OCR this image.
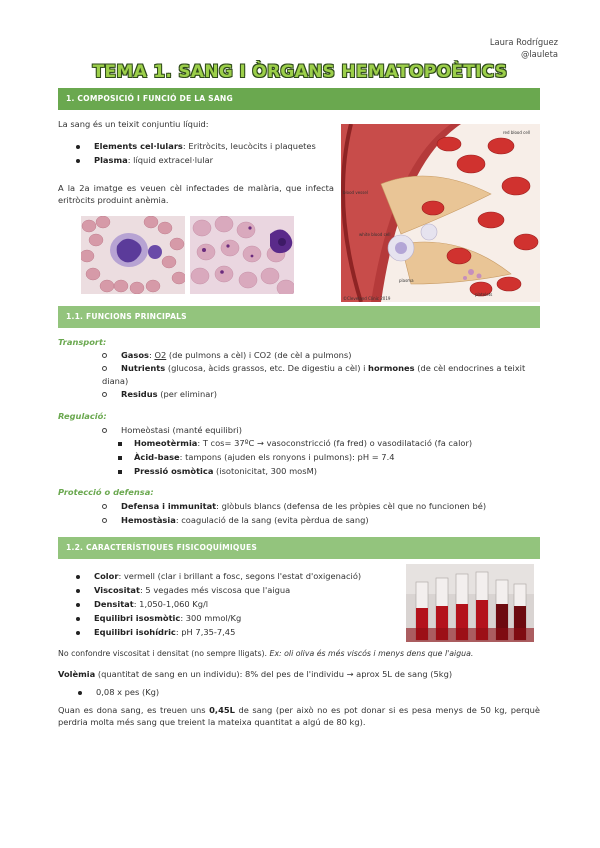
Laura Rodríguez
@lauleta
TEMA 1. SANG I ÒRGANS HEMATOPOÈTICS
1. COMPOSICIÓ I FUNCIÓ DE LA SANG
La sang és un teixit conjuntiu líquid:
Elements cel·lulars: Eritròcits, leucòcits i plaquetes
Plasma: líquid extracel·lular
A la 2a imatge es veuen cèl infectades de malària, que infecta eritròcits produint anèmia.
red blood cell
blood vessel
white blood cell
plasma
platelets
©Cleveland Clinic 2019
1.1. FUNCIONS PRINCIPALS
Transport:
Gasos: O2 (de pulmons a cèl) i CO2 (de cèl a pulmons)
Nutrients (glucosa, àcids grassos, etc. De digestiu a cèl) i hormones (de cèl endocrines a teixit diana)
Residus (per eliminar)
Regulació:
Homeòstasi (manté equilibri)
Homeotèrmia: T cos= 37ºC → vasoconstricció (fa fred) o vasodilatació (fa calor)
Àcid-base: tampons (ajuden els ronyons i pulmons): pH = 7.4
Pressió osmòtica (isotonicitat, 300 mosM)
Protecció o defensa:
Defensa i immunitat: glòbuls blancs (defensa de les pròpies cèl que no funcionen bé)
Hemostàsia: coagulació de la sang (evita pèrdua de sang)
1.2. CARACTERÍSTIQUES FISICOQUÍMIQUES
Color: vermell (clar i brillant a fosc, segons l'estat d'oxigenació)
Viscositat: 5 vegades més viscosa que l'aigua
Densitat: 1,050-1,060 Kg/l
Equilibri isosmòtic: 300 mmol/Kg
Equilibri isohídric: pH 7,35-7,45
No confondre viscositat i densitat (no sempre lligats). Ex: oli oliva és més viscós i menys dens que l'aigua.
Volèmia (quantitat de sang en un individu): 8% del pes de l'individu → aprox 5L de sang (5kg)
0,08 x pes (Kg)
Quan es dona sang, es treuen uns 0,45L de sang (per això no es pot donar si es pesa menys de 50 kg, perquè perdria molta més sang que treient la mateixa quantitat a algú de 80 kg).
